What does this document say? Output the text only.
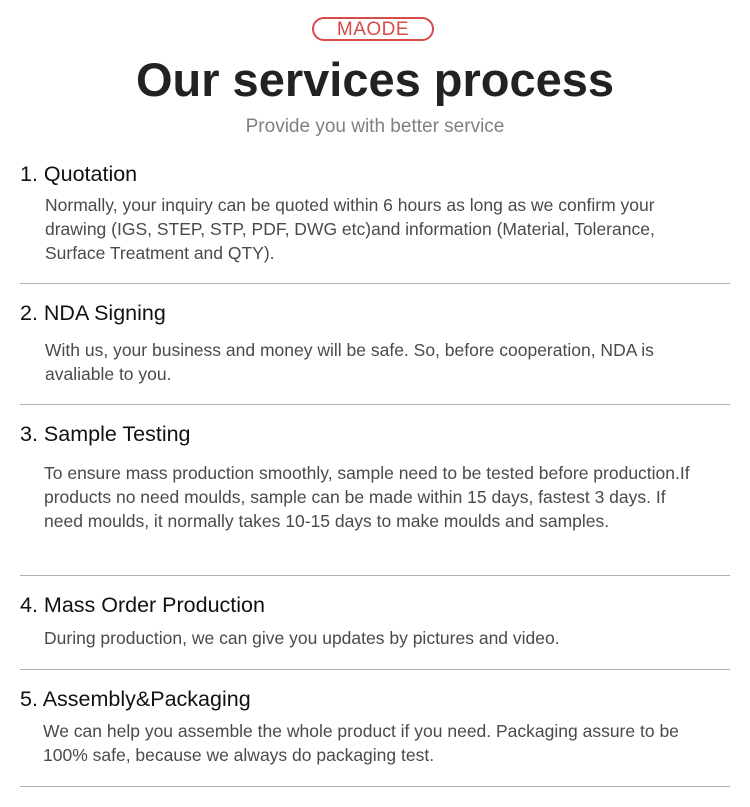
MAODE
Our services process
Provide you with better service
1. Quotation
Normally, your inquiry can be quoted within 6 hours as long as we confirm your drawing (IGS, STEP, STP, PDF, DWG etc)and information (Material, Tolerance, Surface Treatment and QTY).
2. NDA Signing
With us, your business and money will be safe. So, before cooperation, NDA is avaliable to you.
3. Sample Testing
To ensure mass production smoothly, sample need to be tested before production.If products no need moulds, sample can be made within 15 days, fastest 3 days. If need moulds, it normally takes 10-15 days to make moulds and samples.
4. Mass Order Production
During production, we can give you updates by pictures and video.
5. Assembly&Packaging
We can help you assemble the whole product if you need. Packaging assure to be 100% safe, because we always do packaging test.
